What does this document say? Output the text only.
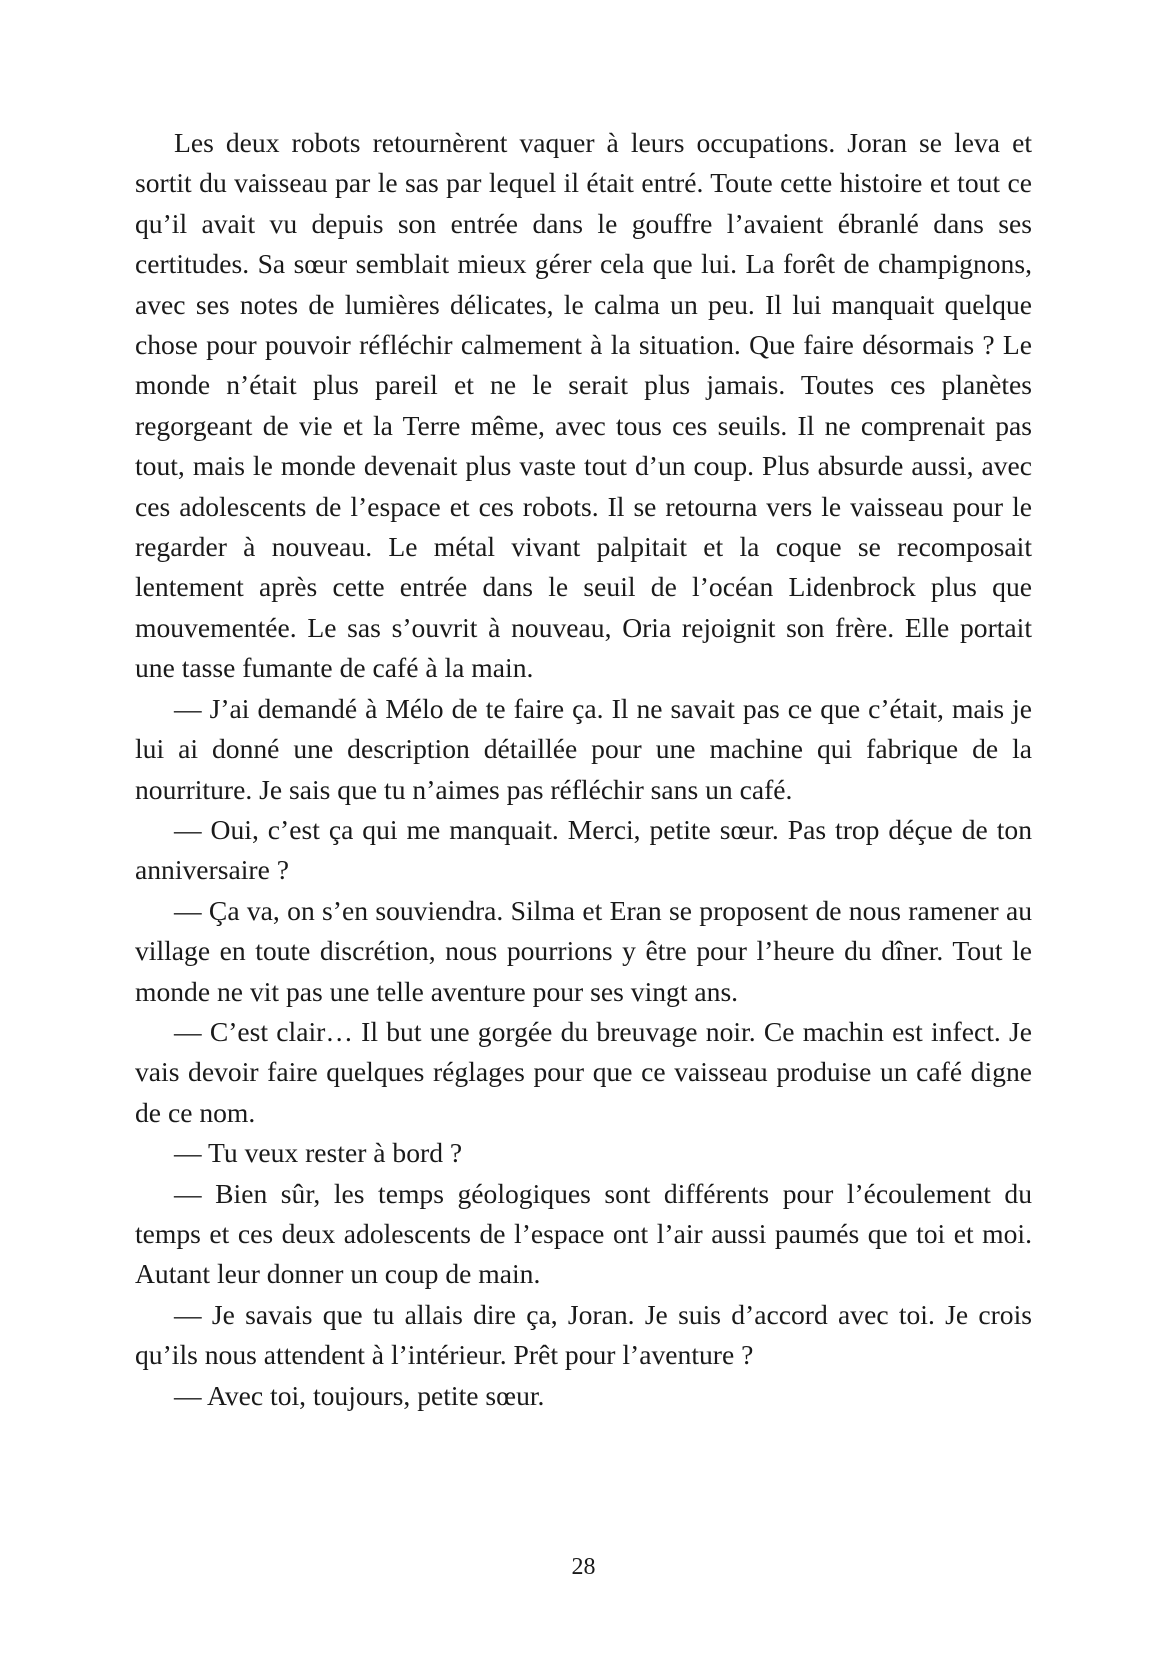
Les deux robots retournèrent vaquer à leurs occupations. Joran se leva et sortit du vaisseau par le sas par lequel il était entré. Toute cette histoire et tout ce qu’il avait vu depuis son entrée dans le gouffre l’avaient ébranlé dans ses certitudes. Sa sœur semblait mieux gérer cela que lui. La forêt de champignons, avec ses notes de lumières délicates, le calma un peu. Il lui manquait quelque chose pour pouvoir réfléchir calmement à la situation. Que faire désormais ? Le monde n’était plus pareil et ne le serait plus jamais. Toutes ces planètes regorgeant de vie et la Terre même, avec tous ces seuils. Il ne comprenait pas tout, mais le monde devenait plus vaste tout d’un coup. Plus absurde aussi, avec ces adolescents de l’espace et ces robots. Il se retourna vers le vaisseau pour le regarder à nouveau. Le métal vivant palpitait et la coque se recomposait lentement après cette entrée dans le seuil de l’océan Lidenbrock plus que mouvementée. Le sas s’ouvrit à nouveau, Oria rejoignit son frère. Elle portait une tasse fumante de café à la main.

— J’ai demandé à Mélo de te faire ça. Il ne savait pas ce que c’était, mais je lui ai donné une description détaillée pour une machine qui fabrique de la nourriture. Je sais que tu n’aimes pas réfléchir sans un café.

— Oui, c’est ça qui me manquait. Merci, petite sœur. Pas trop déçue de ton anniversaire ?

— Ça va, on s’en souviendra. Silma et Eran se proposent de nous ramener au village en toute discrétion, nous pourrions y être pour l’heure du dîner. Tout le monde ne vit pas une telle aventure pour ses vingt ans.

— C’est clair… Il but une gorgée du breuvage noir. Ce machin est infect. Je vais devoir faire quelques réglages pour que ce vaisseau produise un café digne de ce nom.

— Tu veux rester à bord ?

— Bien sûr, les temps géologiques sont différents pour l’écoulement du temps et ces deux adolescents de l’espace ont l’air aussi paumés que toi et moi. Autant leur donner un coup de main.

— Je savais que tu allais dire ça, Joran. Je suis d’accord avec toi. Je crois qu’ils nous attendent à l’intérieur. Prêt pour l’aventure ?

— Avec toi, toujours, petite sœur.

28
